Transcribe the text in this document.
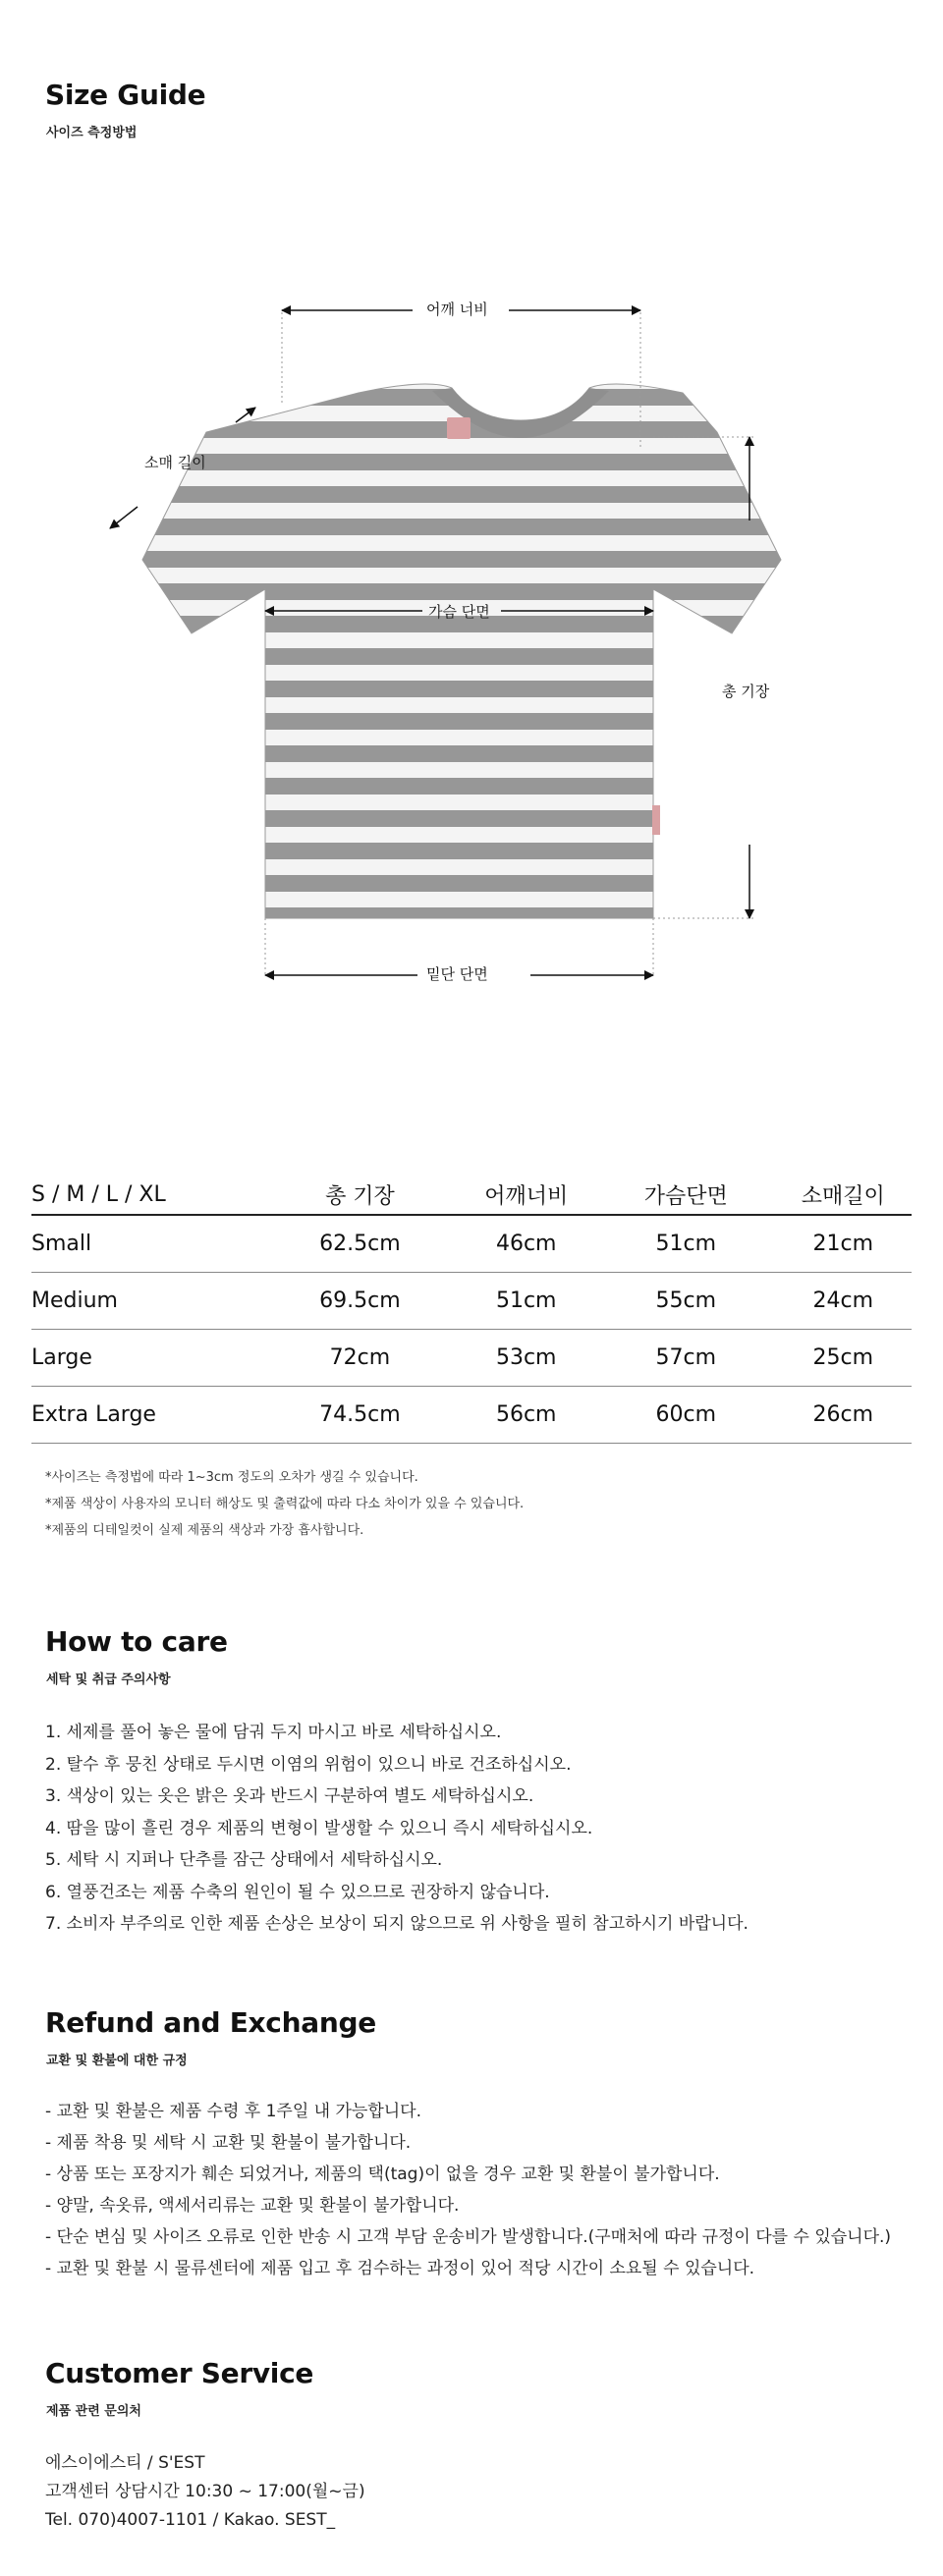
Size Guide
사이즈 측정방법
어깨 너비
소매 길이
가슴 단면
총 기장
밑단 단면
S / M / L / XL	총 기장	어깨너비	가슴단면	소매길이
Small	62.5cm	46cm	51cm	21cm
Medium	69.5cm	51cm	55cm	24cm
Large	72cm	53cm	57cm	25cm
Extra Large	74.5cm	56cm	60cm	26cm
*사이즈는 측정법에 따라 1~3cm 정도의 오차가 생길 수 있습니다.
*제품 색상이 사용자의 모니터 해상도 및 출력값에 따라 다소 차이가 있을 수 있습니다.
*제품의 디테일컷이 실제 제품의 색상과 가장 흡사합니다.
How to care
세탁 및 취급 주의사항
1. 세제를 풀어 놓은 물에 담궈 두지 마시고 바로 세탁하십시오.
2. 탈수 후 뭉친 상태로 두시면 이염의 위험이 있으니 바로 건조하십시오.
3. 색상이 있는 옷은 밝은 옷과 반드시 구분하여 별도 세탁하십시오.
4. 땀을 많이 흘린 경우 제품의 변형이 발생할 수 있으니 즉시 세탁하십시오.
5. 세탁 시 지퍼나 단추를 잠근 상태에서 세탁하십시오.
6. 열풍건조는 제품 수축의 원인이 될 수 있으므로 권장하지 않습니다.
7. 소비자 부주의로 인한 제품 손상은 보상이 되지 않으므로 위 사항을 필히 참고하시기 바랍니다.
Refund and Exchange
교환 및 환불에 대한 규정
- 교환 및 환불은 제품 수령 후 1주일 내 가능합니다.
- 제품 착용 및 세탁 시 교환 및 환불이 불가합니다.
- 상품 또는 포장지가 훼손 되었거나, 제품의 택(tag)이 없을 경우 교환 및 환불이 불가합니다.
- 양말, 속옷류, 액세서리류는 교환 및 환불이 불가합니다.
- 단순 변심 및 사이즈 오류로 인한 반송 시 고객 부담 운송비가 발생합니다.(구매처에 따라 규정이 다를 수 있습니다.)
- 교환 및 환불 시 물류센터에 제품 입고 후 검수하는 과정이 있어 적당 시간이 소요될 수 있습니다.
Customer Service
제품 관련 문의처
에스이에스티 / S'EST
고객센터 상담시간 10:30 ~ 17:00(월~금)
Tel. 070)4007-1101 / Kakao. SEST_
